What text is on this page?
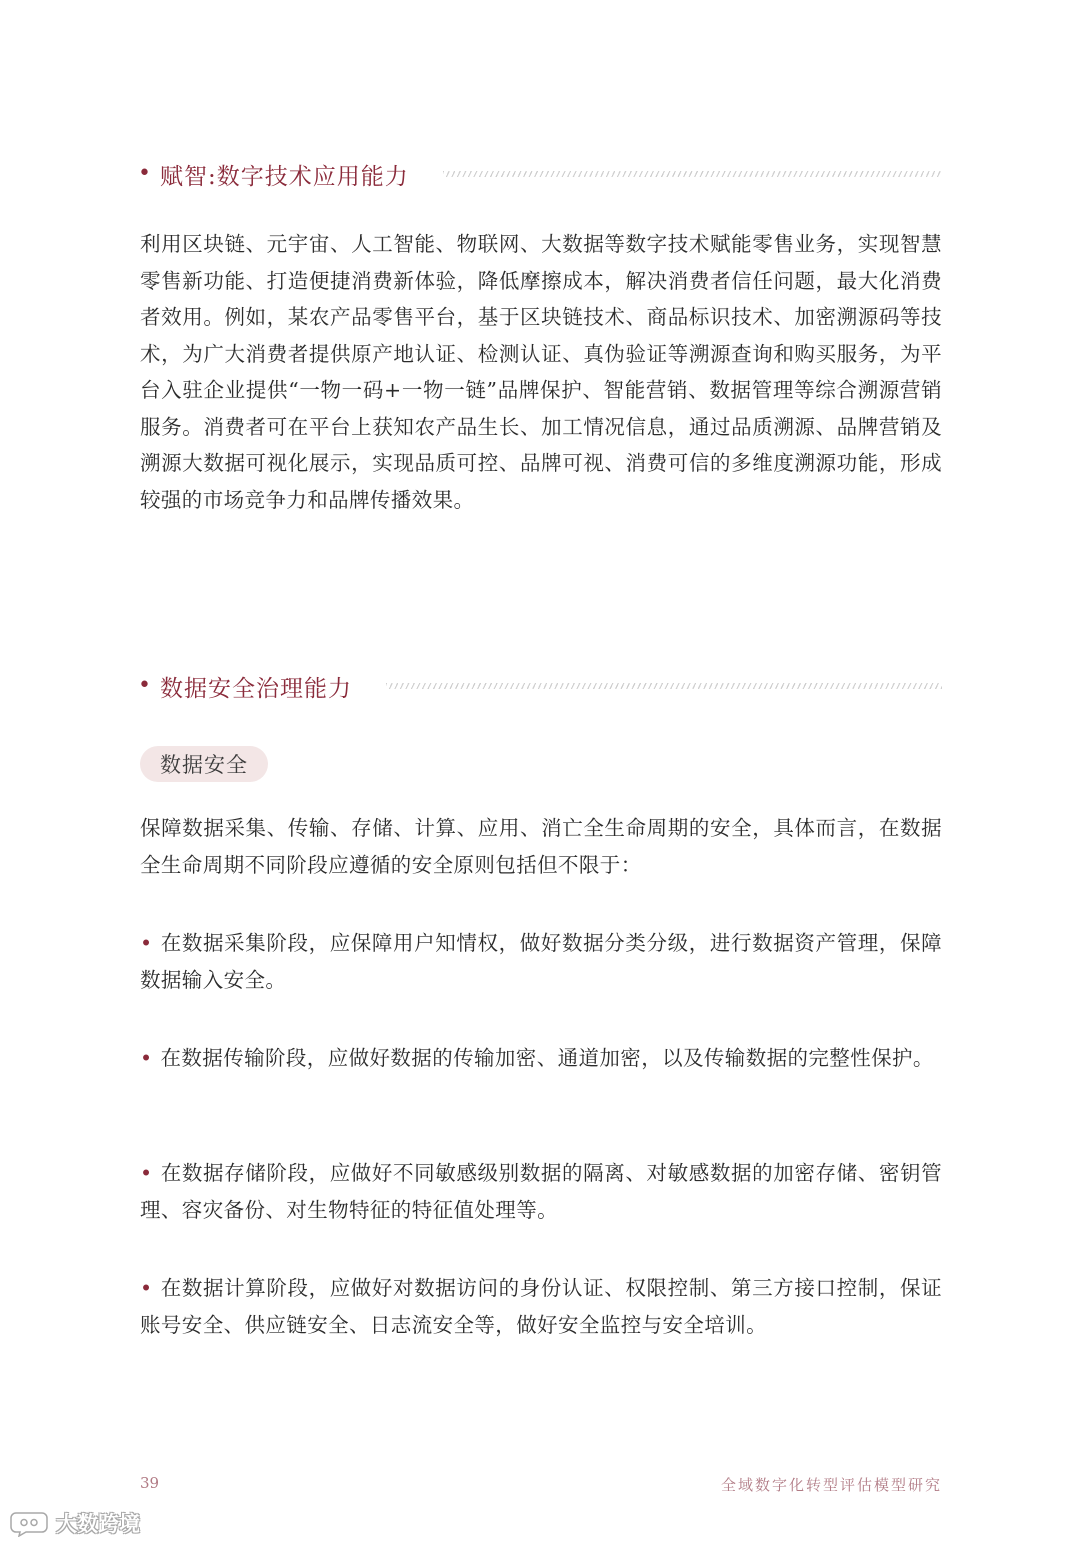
• 赋智:数字技术应用能力

利用区块链、元宇宙、人工智能、物联网、大数据等数字技术赋能零售业务，实现智慧零售新功能、打造便捷消费新体验，降低摩擦成本，解决消费者信任问题，最大化消费者效用。例如，某农产品零售平台，基于区块链技术、商品标识技术、加密溯源码等技术，为广大消费者提供原产地认证、检测认证、真伪验证等溯源查询和购买服务，为平台入驻企业提供“一物一码+一物一链”品牌保护、智能营销、数据管理等综合溯源营销服务。消费者可在平台上获知农产品生长、加工情况信息，通过品质溯源、品牌营销及溯源大数据可视化展示，实现品质可控、品牌可视、消费可信的多维度溯源功能，形成较强的市场竞争力和品牌传播效果。

• 数据安全治理能力
数据安全

保障数据采集、传输、存储、计算、应用、消亡全生命周期的安全，具体而言，在数据全生命周期不同阶段应遵循的安全原则包括但不限于：

• 在数据采集阶段，应保障用户知情权，做好数据分类分级，进行数据资产管理，保障数据输入安全。
• 在数据传输阶段，应做好数据的传输加密、通道加密，以及传输数据的完整性保护。
• 在数据存储阶段，应做好不同敏感级别数据的隔离、对敏感数据的加密存储、密钥管理、容灾备份、对生物特征的特征值处理等。
• 在数据计算阶段，应做好对数据访问的身份认证、权限控制、第三方接口控制，保证账号安全、供应链安全、日志流安全等，做好安全监控与安全培训。
39	全域数字化转型评估模型研究
大数跨境
